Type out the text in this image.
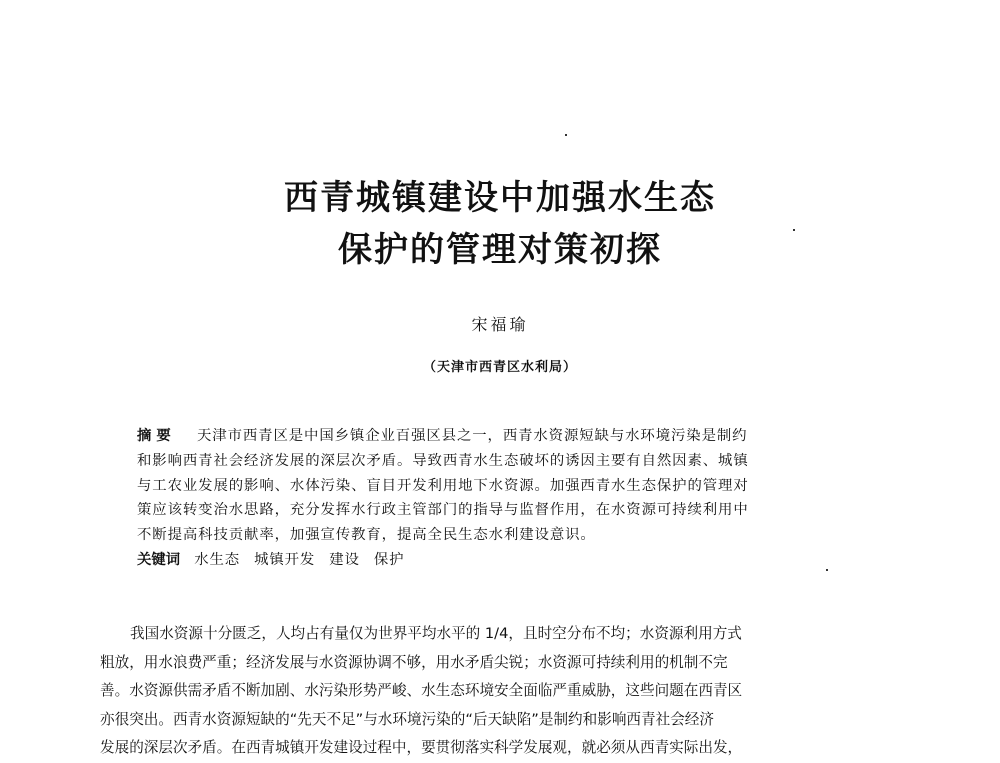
西青城镇建设中加强水生态
保护的管理对策初探
宋福瑜
（天津市西青区水利局）
摘 要 天津市西青区是中国乡镇企业百强区县之一，西青水资源短缺与水环境污染是制约
和影响西青社会经济发展的深层次矛盾。导致西青水生态破坏的诱因主要有自然因素、城镇
与工农业发展的影响、水体污染、盲目开发利用地下水资源。加强西青水生态保护的管理对
策应该转变治水思路，充分发挥水行政主管部门的指导与监督作用，在水资源可持续利用中
不断提高科技贡献率，加强宣传教育，提高全民生态水利建设意识。
关键词 水生态 城镇开发 建设 保护
我国水资源十分匮乏，人均占有量仅为世界平均水平的 1/4，且时空分布不均；水资源利用方式
粗放，用水浪费严重；经济发展与水资源协调不够，用水矛盾尖锐；水资源可持续利用的机制不完
善。水资源供需矛盾不断加剧、水污染形势严峻、水生态环境安全面临严重威胁，这些问题在西青区
亦很突出。西青水资源短缺的“先天不足”与水环境污染的“后天缺陷”是制约和影响西青社会经济
发展的深层次矛盾。在西青城镇开发建设过程中，要贯彻落实科学发展观，就必须从西青实际出发，
